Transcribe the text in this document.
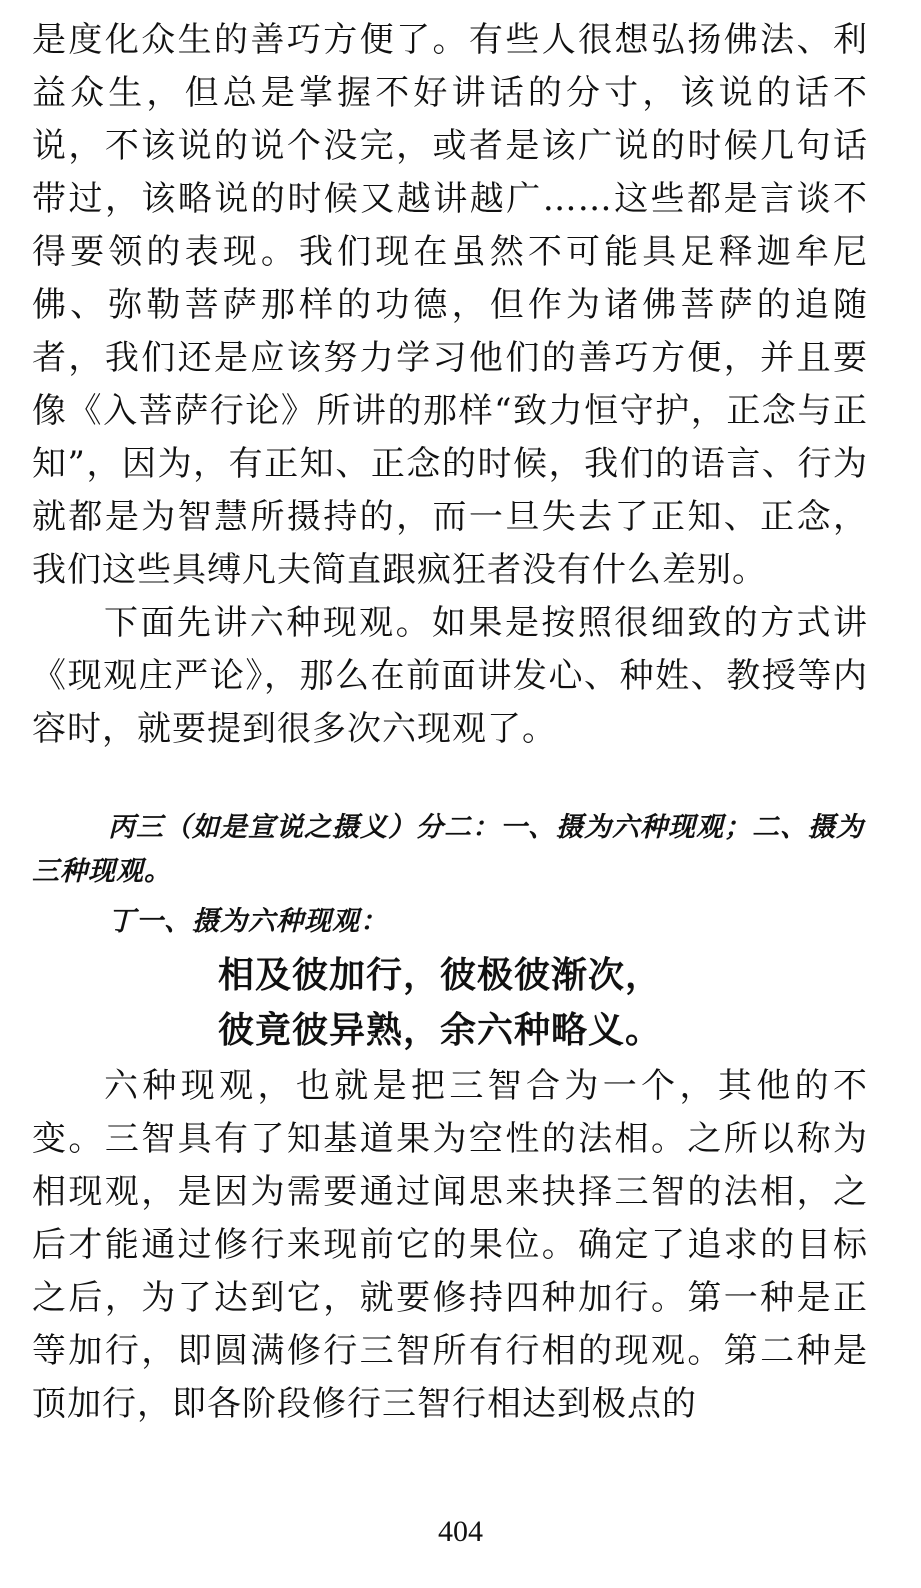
是度化众生的善巧方便了。有些人很想弘扬佛法、利益众生，但总是掌握不好讲话的分寸，该说的话不说，不该说的说个没完，或者是该广说的时候几句话带过，该略说的时候又越讲越广……这些都是言谈不得要领的表现。我们现在虽然不可能具足释迦牟尼佛、弥勒菩萨那样的功德，但作为诸佛菩萨的追随者，我们还是应该努力学习他们的善巧方便，并且要像《入菩萨行论》所讲的那样“致力恒守护，正念与正知”，因为，有正知、正念的时候，我们的语言、行为就都是为智慧所摄持的，而一旦失去了正知、正念，我们这些具缚凡夫简直跟疯狂者没有什么差别。

下面先讲六种现观。如果是按照很细致的方式讲《现观庄严论》，那么在前面讲发心、种姓、教授等内容时，就要提到很多次六现观了。

丙三（如是宣说之摄义）分二：一、摄为六种现观；二、摄为三种现观。

丁一、摄为六种现观：

相及彼加行，彼极彼渐次，

彼竟彼异熟，余六种略义。

六种现观，也就是把三智合为一个，其他的不变。三智具有了知基道果为空性的法相。之所以称为相现观，是因为需要通过闻思来抉择三智的法相，之后才能通过修行来现前它的果位。确定了追求的目标之后，为了达到它，就要修持四种加行。第一种是正等加行，即圆满修行三智所有行相的现观。第二种是顶加行，即各阶段修行三智行相达到极点的

404
